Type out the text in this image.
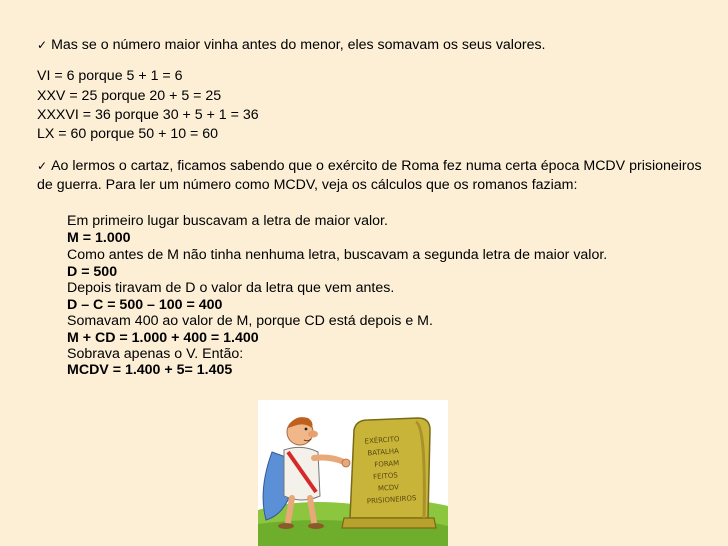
✓ Mas se o número maior vinha antes do menor, eles somavam os seus valores.
VI = 6 porque 5 + 1 = 6
XXV = 25 porque 20 + 5 = 25
XXXVI = 36 porque 30 + 5 + 1 = 36
LX = 60 porque 50 + 10 = 60
✓ Ao lermos o cartaz, ficamos sabendo que o exército de Roma fez numa certa época MCDV prisioneiros
de guerra. Para ler um número como MCDV, veja os cálculos que os romanos faziam:
Em primeiro lugar buscavam a letra de maior valor.
M = 1.000
Como antes de M não tinha nenhuma letra, buscavam a segunda letra de maior valor.
D = 500
Depois tiravam de D o valor da letra que vem antes.
D – C = 500 – 100 = 400
Somavam 400 ao valor de M, porque CD está depois e M.
M + CD = 1.000 + 400 = 1.400
Sobrava apenas o V. Então:
MCDV = 1.400 + 5= 1.405
EXÉRCITO
BATALHA
FORAM
FEITOS
MCDV
PRISIONEIROS
